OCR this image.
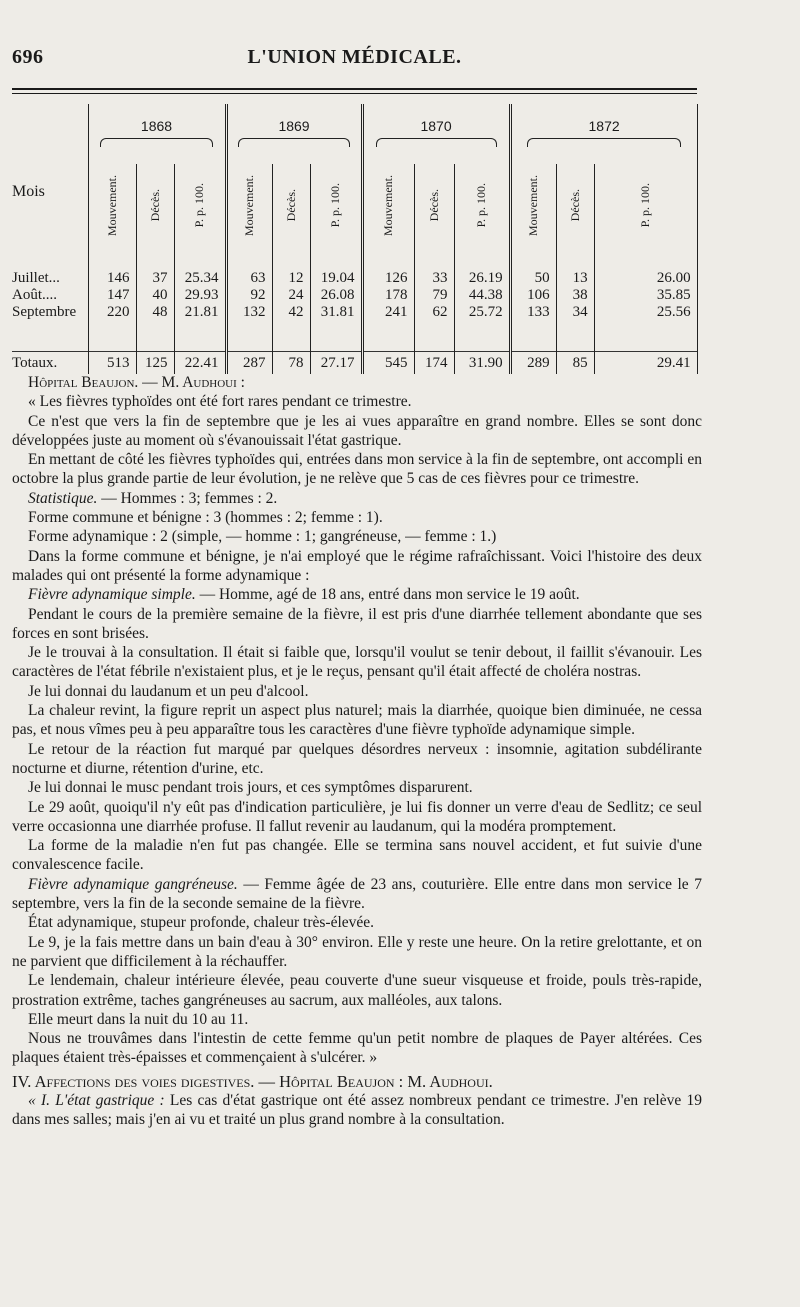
696	L'UNION MÉDICALE.
Mois	1868			1869			1870			1872		

	Mouvement.	Décès.	P. p. 100.	Mouvement.	Décès.	P. p. 100.	Mouvement.	Décès.	P. p. 100.	Mouvement.	Décès.	P. p. 100.

Juillet...	146	37	25.34	63	12	19.04	126	33	26.19	50	13	26.00
Août....	147	40	29.93	92	24	26.08	178	79	44.38	106	38	35.85
Septembre	220	48	21.81	132	42	31.81	241	62	25.72	133	34	25.56

Totaux.	513	125	22.41	287	78	27.17	545	174	31.90	289	85	29.41

Hôpital Beaujon. — M. Audhoui :

« Les fièvres typhoïdes ont été fort rares pendant ce trimestre.

Ce n'est que vers la fin de septembre que je les ai vues apparaître en grand nombre. Elles se sont donc développées juste au moment où s'évanouissait l'état gastrique.

En mettant de côté les fièvres typhoïdes qui, entrées dans mon service à la fin de septembre, ont accompli en octobre la plus grande partie de leur évolution, je ne relève que 5 cas de ces fièvres pour ce trimestre.

Statistique. — Hommes : 3; femmes : 2.

Forme commune et bénigne : 3 (hommes : 2; femme : 1).

Forme adynamique : 2 (simple, — homme : 1; gangréneuse, — femme : 1.)

Dans la forme commune et bénigne, je n'ai employé que le régime rafraîchissant. Voici l'histoire des deux malades qui ont présenté la forme adynamique :

Fièvre adynamique simple. — Homme, agé de 18 ans, entré dans mon service le 19 août.

Pendant le cours de la première semaine de la fièvre, il est pris d'une diarrhée tellement abondante que ses forces en sont brisées.

Je le trouvai à la consultation. Il était si faible que, lorsqu'il voulut se tenir debout, il faillit s'évanouir. Les caractères de l'état fébrile n'existaient plus, et je le reçus, pensant qu'il était affecté de choléra nostras.

Je lui donnai du laudanum et un peu d'alcool.

La chaleur revint, la figure reprit un aspect plus naturel; mais la diarrhée, quoique bien diminuée, ne cessa pas, et nous vîmes peu à peu apparaître tous les caractères d'une fièvre typhoïde adynamique simple.

Le retour de la réaction fut marqué par quelques désordres nerveux : insomnie, agitation subdélirante nocturne et diurne, rétention d'urine, etc.

Je lui donnai le musc pendant trois jours, et ces symptômes disparurent.

Le 29 août, quoiqu'il n'y eût pas d'indication particulière, je lui fis donner un verre d'eau de Sedlitz; ce seul verre occasionna une diarrhée profuse. Il fallut revenir au laudanum, qui la modéra promptement.

La forme de la maladie n'en fut pas changée. Elle se termina sans nouvel accident, et fut suivie d'une convalescence facile.

Fièvre adynamique gangréneuse. — Femme âgée de 23 ans, couturière. Elle entre dans mon service le 7 septembre, vers la fin de la seconde semaine de la fièvre.

État adynamique, stupeur profonde, chaleur très-élevée.

Le 9, je la fais mettre dans un bain d'eau à 30° environ. Elle y reste une heure. On la retire grelottante, et on ne parvient que difficilement à la réchauffer.

Le lendemain, chaleur intérieure élevée, peau couverte d'une sueur visqueuse et froide, pouls très-rapide, prostration extrême, taches gangréneuses au sacrum, aux malléoles, aux talons.

Elle meurt dans la nuit du 10 au 11.

Nous ne trouvâmes dans l'intestin de cette femme qu'un petit nombre de plaques de Payer altérées. Ces plaques étaient très-épaisses et commençaient à s'ulcérer. »

IV. Affections des voies digestives. — Hôpital Beaujon : M. Audhoui.

« I. L'état gastrique : Les cas d'état gastrique ont été assez nombreux pendant ce trimestre. J'en relève 19 dans mes salles; mais j'en ai vu et traité un plus grand nombre à la consultation.
